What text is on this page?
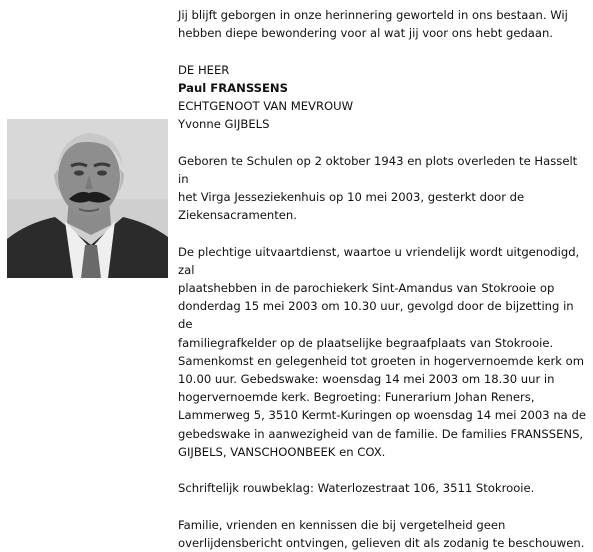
Jij blijft geborgen in onze herinnering geworteld in ons bestaan. Wij
hebben diepe bewondering voor al wat jij voor ons hebt gedaan.

DE HEER

Paul FRANSSENS

ECHTGENOOT VAN MEVROUW

Yvonne GIJBELS

Geboren te Schulen op 2 oktober 1943 en plots overleden te Hasselt in
het Virga Jesseziekenhuis op 10 mei 2003, gesterkt door de
Ziekensacramenten.

De plechtige uitvaartdienst, waartoe u vriendelijk wordt uitgenodigd, zal
plaatshebben in de parochiekerk Sint-Amandus van Stokrooie op
donderdag 15 mei 2003 om 10.30 uur, gevolgd door de bijzetting in de
familiegrafkelder op de plaatselijke begraafplaats van Stokrooie.
Samenkomst en gelegenheid tot groeten in hogervernoemde kerk om
10.00 uur. Gebedswake: woensdag 14 mei 2003 om 18.30 uur in
hogervernoemde kerk. Begroeting: Funerarium Johan Reners,
Lammerweg 5, 3510 Kermt-Kuringen op woensdag 14 mei 2003 na de
gebedswake in aanwezigheid van de familie. De families FRANSSENS,
GIJBELS, VANSCHOONBEEK en COX.

Schriftelijk rouwbeklag: Waterlozestraat 106, 3511 Stokrooie.

Familie, vrienden en kennissen die bij vergetelheid geen
overlijdensbericht ontvingen, gelieven dit als zodanig te beschouwen.
